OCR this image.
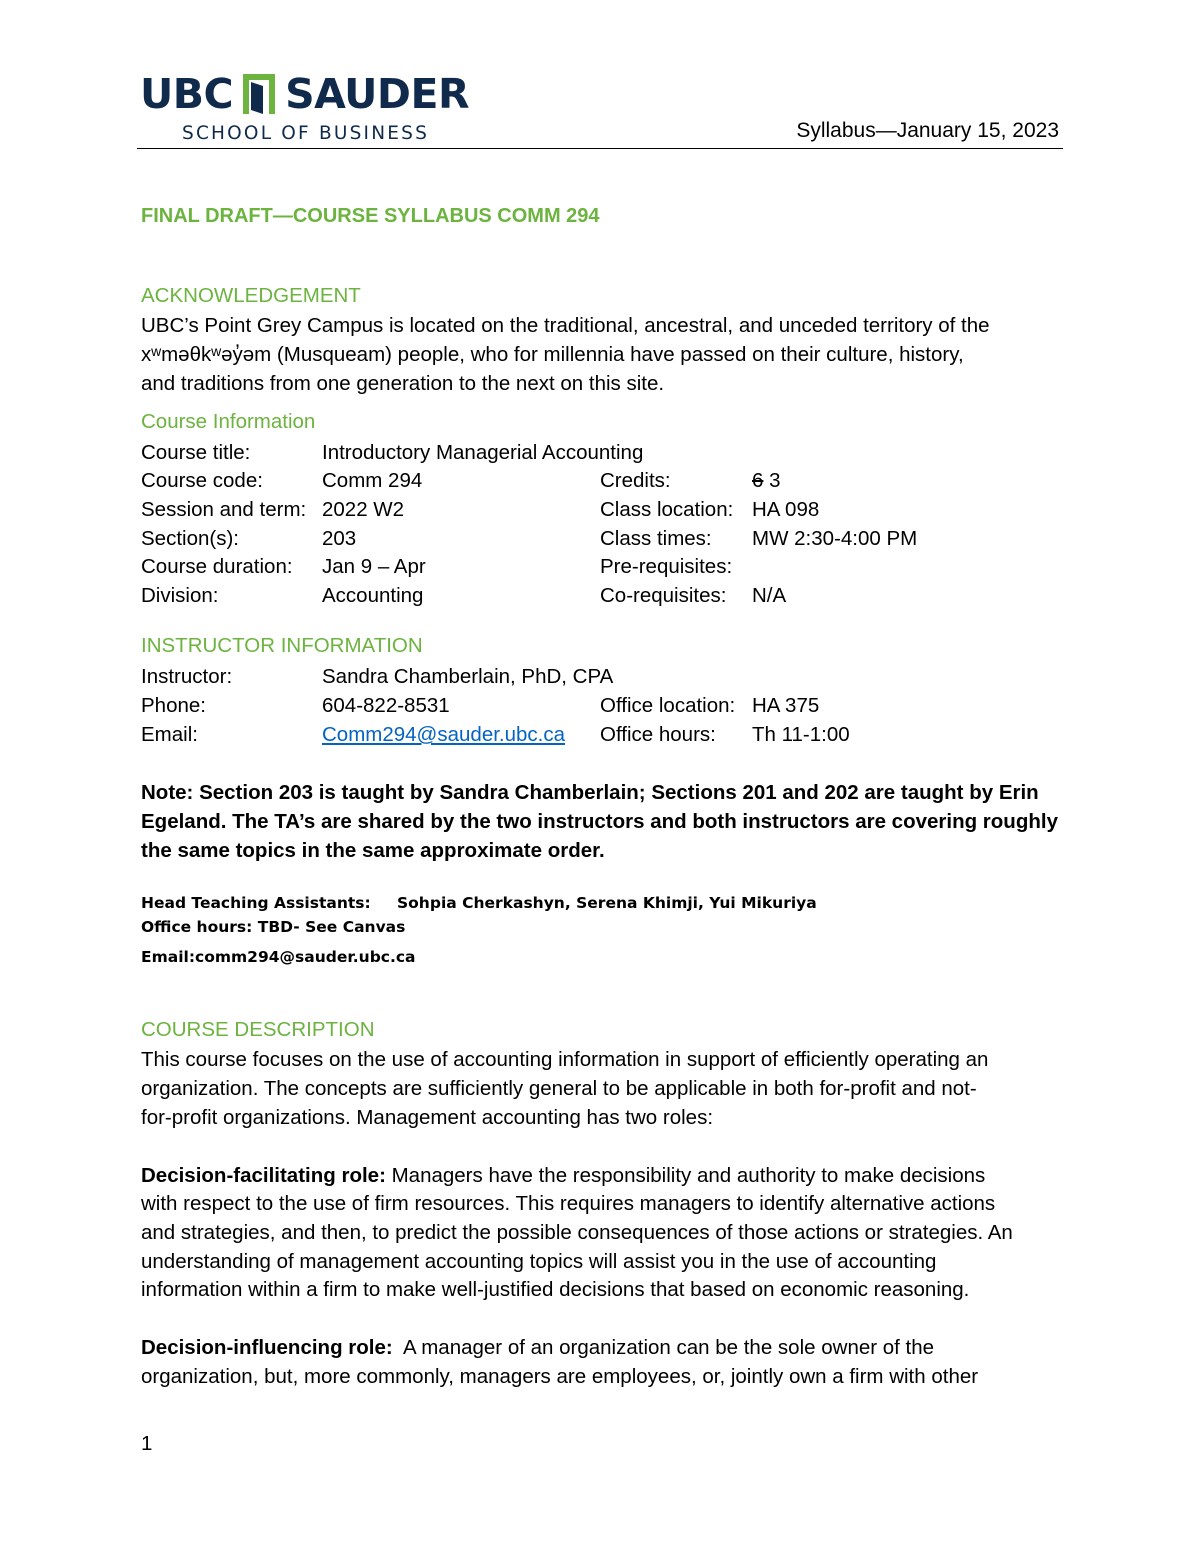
UBC SAUDER
SCHOOL OF BUSINESS	Syllabus—January 15, 2023
FINAL DRAFT—COURSE SYLLABUS COMM 294
ACKNOWLEDGEMENT
UBC’s Point Grey Campus is located on the traditional, ancestral, and unceded territory of the
xʷməθkʷəy̓əm (Musqueam) people, who for millennia have passed on their culture, history,
and traditions from one generation to the next on this site.
Course Information
Course title:	Introductory Managerial Accounting
Course code:	Comm 294	Credits:	6 3
Session and term: 2022 W2	Class location: HA 098
Section(s):	203	Class times: MW 2:30-4:00 PM
Course duration: Jan 9 – Apr	Pre-requisites:
Division:	Accounting	Co-requisites: N/A
INSTRUCTOR INFORMATION
Instructor:	Sandra Chamberlain, PhD, CPA
Phone:	604-822-8531	Office location: HA 375
Email:	Comm294@sauder.ubc.ca Office hours: Th 11-1:00
Note: Section 203 is taught by Sandra Chamberlain; Sections 201 and 202 are taught by Erin
Egeland. The TA’s are shared by the two instructors and both instructors are covering roughly
the same topics in the same approximate order.
Head Teaching Assistants: Sohpia Cherkashyn, Serena Khimji, Yui Mikuriya
Office hours: TBD- See Canvas
Email:comm294@sauder.ubc.ca
COURSE DESCRIPTION
This course focuses on the use of accounting information in support of efficiently operating an
organization. The concepts are sufficiently general to be applicable in both for-profit and not-
for-profit organizations. Management accounting has two roles:
Decision-facilitating role: Managers have the responsibility and authority to make decisions
with respect to the use of firm resources. This requires managers to identify alternative actions
and strategies, and then, to predict the possible consequences of those actions or strategies. An
understanding of management accounting topics will assist you in the use of accounting
information within a firm to make well-justified decisions that based on economic reasoning.
Decision-influencing role:  A manager of an organization can be the sole owner of the
organization, but, more commonly, managers are employees, or, jointly own a firm with other
1
